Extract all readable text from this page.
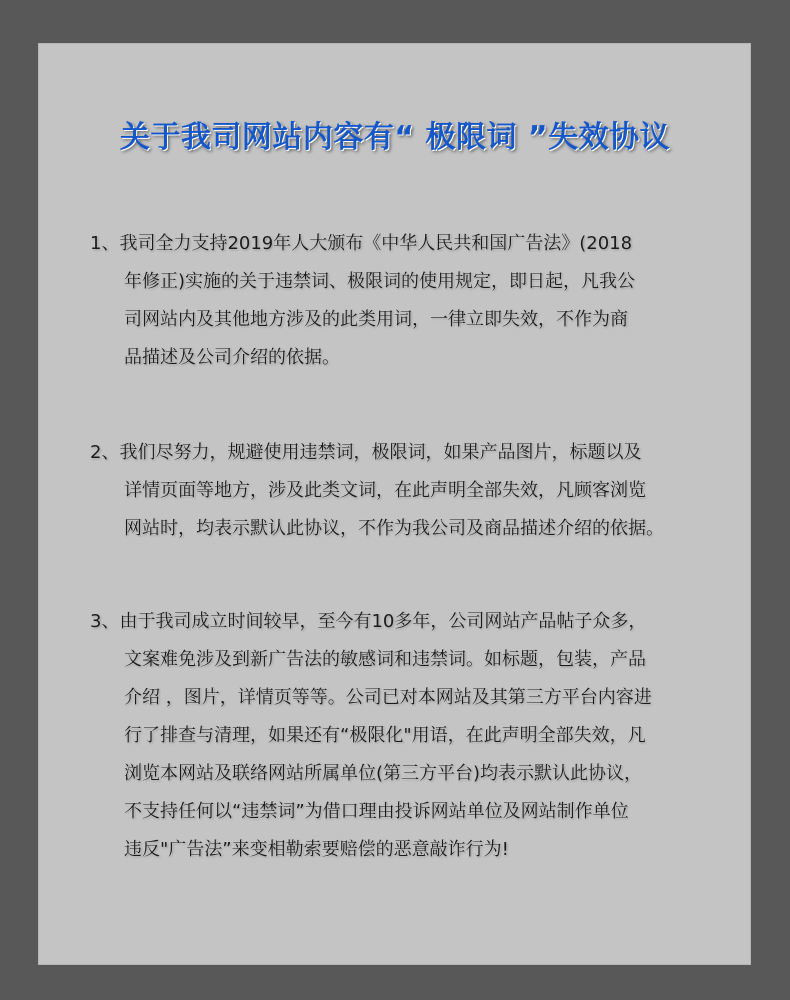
关于我司网站内容有“ 极限词 ”失效协议
1、我司全力支持2019年人大颁布《中华人民共和国广告法》(2018
年修正)实施的关于违禁词、极限词的使用规定，即日起，凡我公
司网站内及其他地方涉及的此类用词，一律立即失效，不作为商
品描述及公司介绍的依据。
2、我们尽努力，规避使用违禁词，极限词，如果产品图片，标题以及
详情页面等地方，涉及此类文词，在此声明全部失效，凡顾客浏览
网站时，均表示默认此协议，不作为我公司及商品描述介绍的依据。
3、由于我司成立时间较早，至今有10多年，公司网站产品帖子众多，
文案难免涉及到新广告法的敏感词和违禁词。如标题，包装，产品
介绍 ，图片，详情页等等。公司已对本网站及其第三方平台内容进
行了排查与清理，如果还有“极限化"用语，在此声明全部失效，凡
浏览本网站及联络网站所属单位(第三方平台)均表示默认此协议，
不支持任何以“违禁词”为借口理由投诉网站单位及网站制作单位
违反"广告法”来变相勒索要赔偿的恶意敲诈行为!
